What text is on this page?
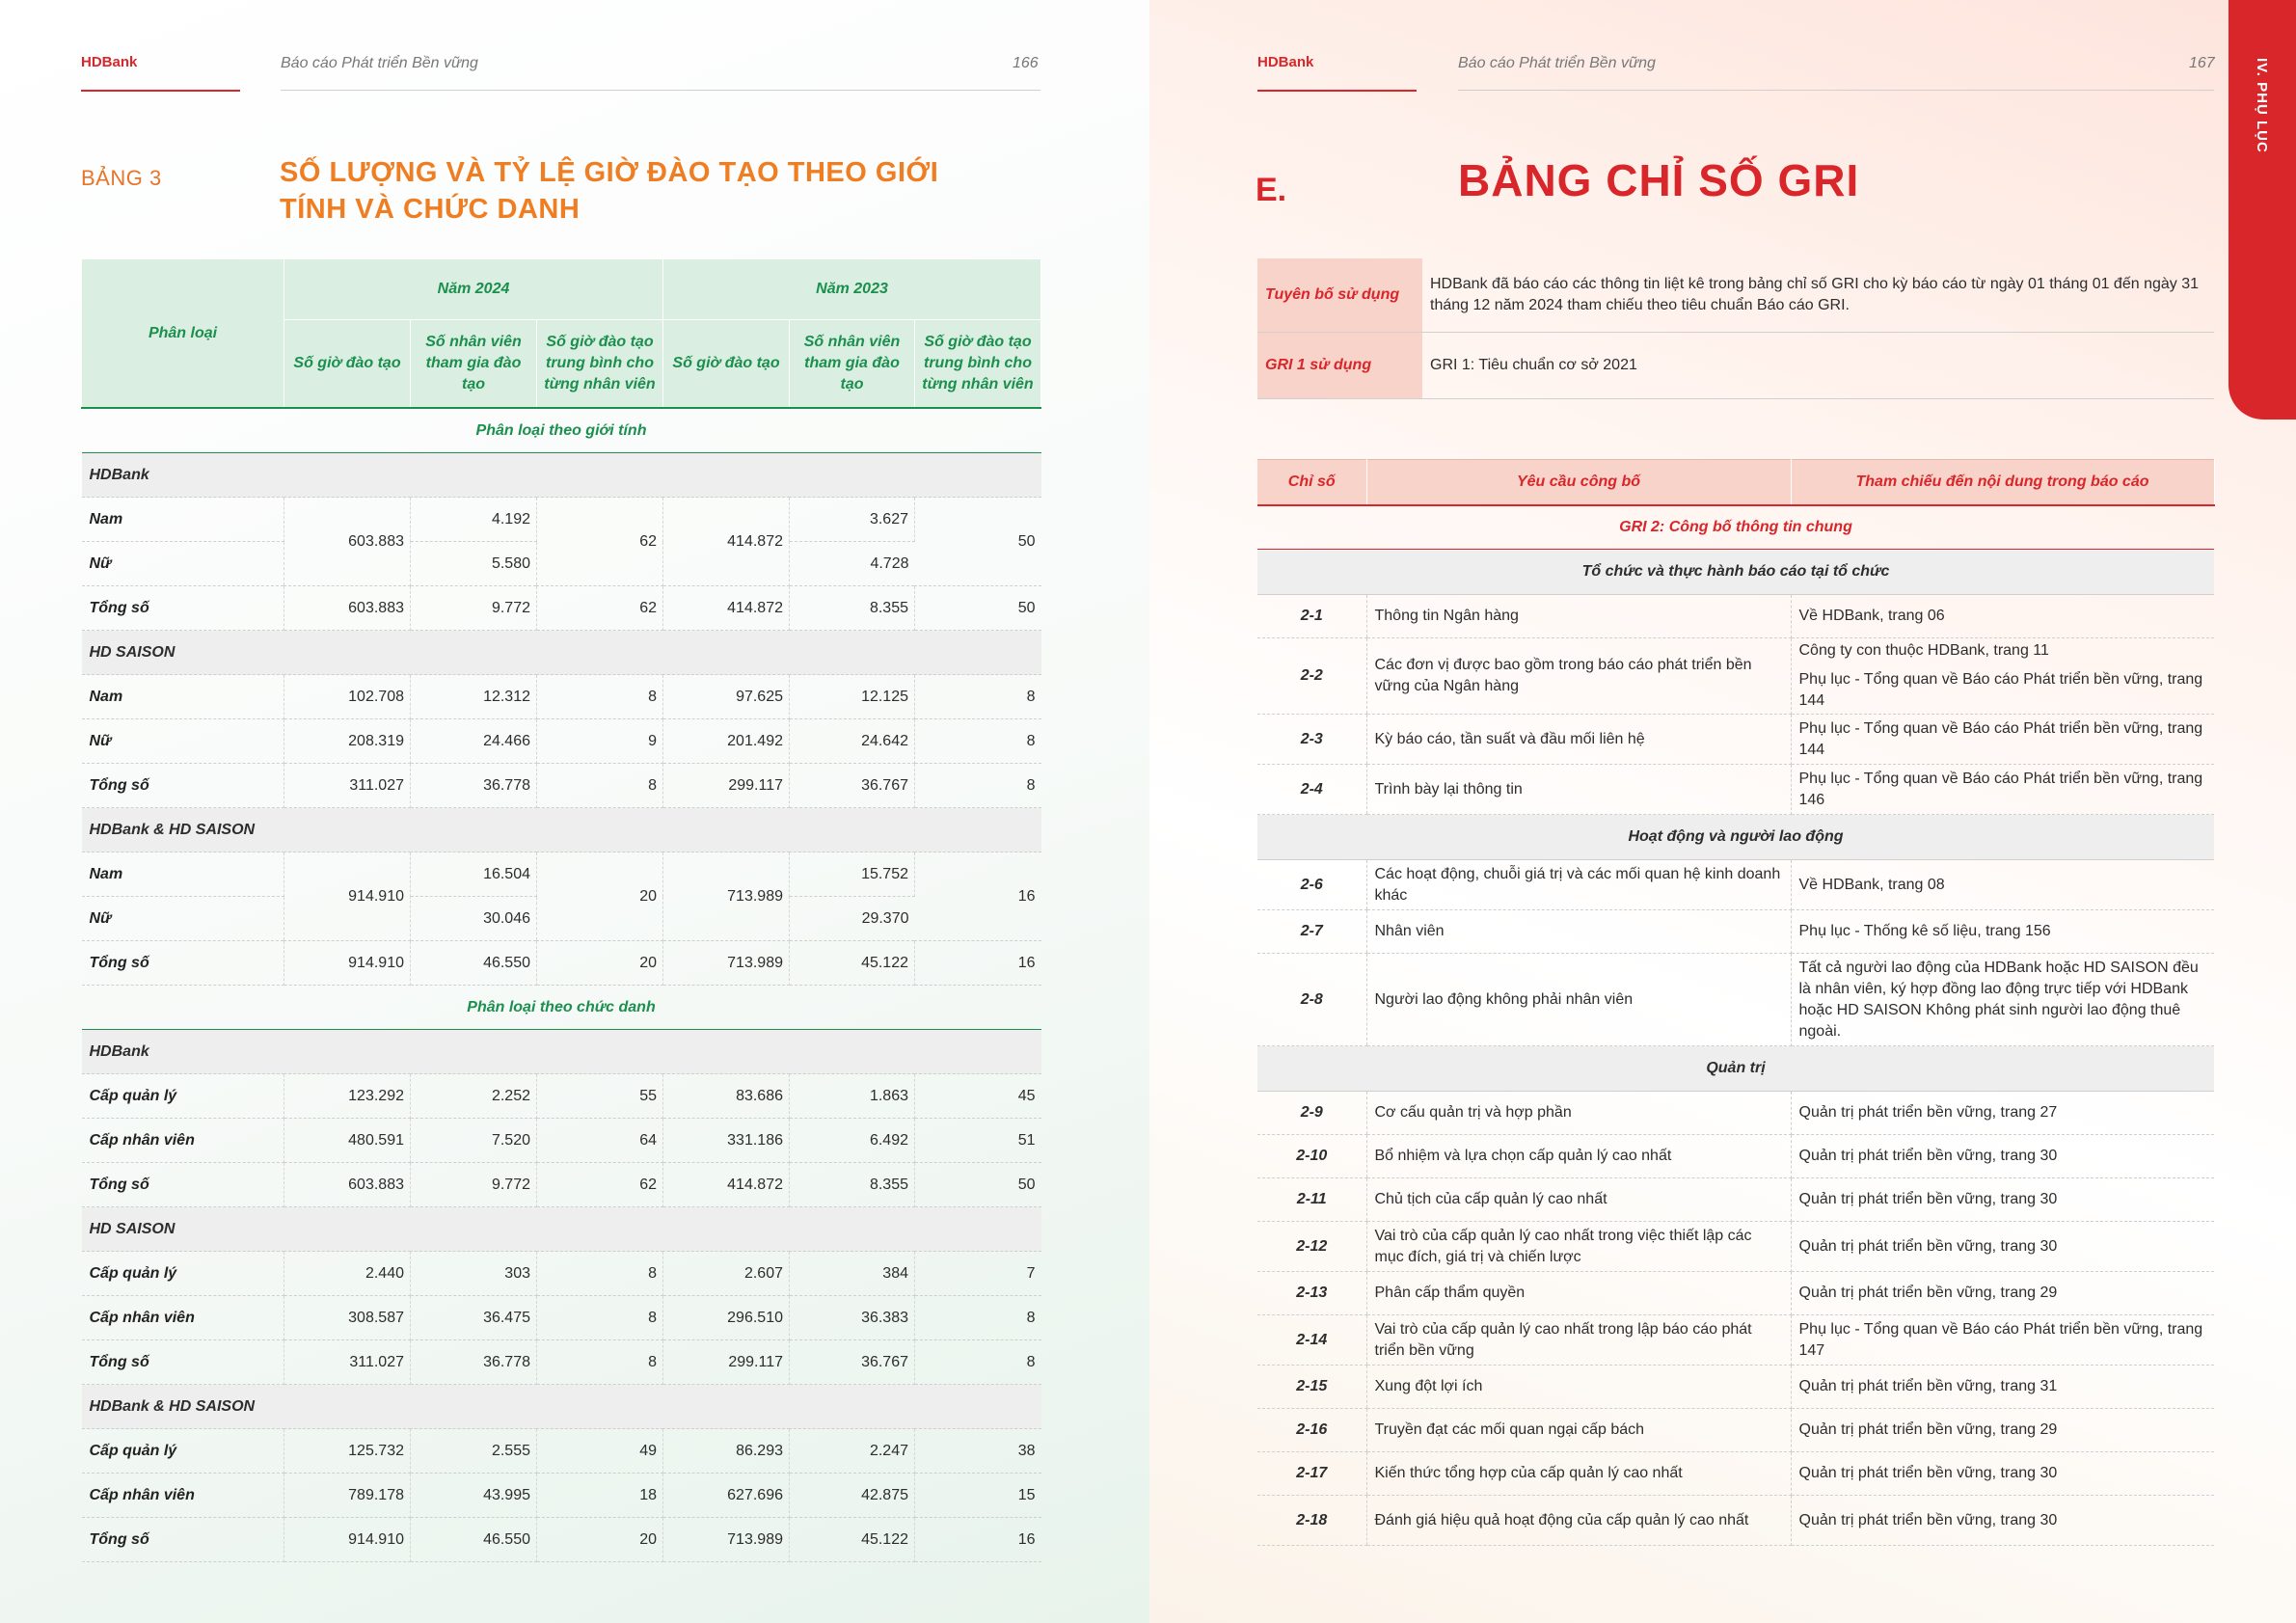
HDBank	Báo cáo Phát triển Bền vững	166
BẢNG 3	SỐ LƯỢNG VÀ TỶ LỆ GIỜ ĐÀO TẠO THEO GIỚI TÍNH VÀ CHỨC DANH
Phân loại	Năm 2024			Năm 2023		
	Số giờ đào tạo	Số nhân viên tham gia đào tạo	Số giờ đào tạo trung bình cho từng nhân viên	Số giờ đào tạo	Số nhân viên tham gia đào tạo	Số giờ đào tạo trung bình cho từng nhân viên
Phân loại theo giới tính						
HDBank						
Nam	603.883	4.192	62	414.872	3.627	50
Nữ		5.580			4.728	
Tổng số	603.883	9.772	62	414.872	8.355	50
HD SAISON						
Nam	102.708	12.312	8	97.625	12.125	8
Nữ	208.319	24.466	9	201.492	24.642	8
Tổng số	311.027	36.778	8	299.117	36.767	8
HDBank & HD SAISON						
Nam	914.910	16.504	20	713.989	15.752	16
Nữ		30.046			29.370	
Tổng số	914.910	46.550	20	713.989	45.122	16
Phân loại theo chức danh						
HDBank						
Cấp quản lý	123.292	2.252	55	83.686	1.863	45
Cấp nhân viên	480.591	7.520	64	331.186	6.492	51
Tổng số	603.883	9.772	62	414.872	8.355	50
HD SAISON						
Cấp quản lý	2.440	303	8	2.607	384	7
Cấp nhân viên	308.587	36.475	8	296.510	36.383	8
Tổng số	311.027	36.778	8	299.117	36.767	8
HDBank & HD SAISON						
Cấp quản lý	125.732	2.555	49	86.293	2.247	38
Cấp nhân viên	789.178	43.995	18	627.696	42.875	15
Tổng số	914.910	46.550	20	713.989	45.122	16
HDBank	Báo cáo Phát triển Bền vững	167	IV. PHỤ LỤC
E.	BẢNG CHỈ SỐ GRI
Tuyên bố sử dụng	HDBank đã báo cáo các thông tin liệt kê trong bảng chỉ số GRI cho kỳ báo cáo từ ngày 01 tháng 01 đến ngày 31 tháng 12 năm 2024 tham chiếu theo tiêu chuẩn Báo cáo GRI.
GRI 1 sử dụng	GRI 1: Tiêu chuẩn cơ sở 2021
Chỉ số	Yêu cầu công bố	Tham chiếu đến nội dung trong báo cáo
GRI 2: Công bố thông tin chung		
Tổ chức và thực hành báo cáo tại tổ chức		
2-1	Thông tin Ngân hàng	Về HDBank, trang 06

2-2	Các đơn vị được bao gồm trong báo cáo phát triển bền vững của Ngân hàng	Công ty con thuộc HDBank, trang 11
Phụ lục - Tổng quan về Báo cáo Phát triển bền vững, trang 144

2-3	Kỳ báo cáo, tần suất và đầu mối liên hệ	Phụ lục - Tổng quan về Báo cáo Phát triển bền vững, trang 144

2-4	Trình bày lại thông tin	Phụ lục - Tổng quan về Báo cáo Phát triển bền vững, trang 146

Hoạt động và người lao động		
2-6	Các hoạt động, chuỗi giá trị và các mối quan hệ kinh doanh khác	Về HDBank, trang 08

2-7	Nhân viên	Phụ lục - Thống kê số liệu, trang 156

2-8	Người lao động không phải nhân viên	Tất cả người lao động của HDBank hoặc HD SAISON đều là nhân viên, ký hợp đồng lao động trực tiếp với HDBank hoặc HD SAISON Không phát sinh người lao động thuê ngoài.

Quản trị		
2-9	Cơ cấu quản trị và hợp phần	Quản trị phát triển bền vững, trang 27

2-10	Bổ nhiệm và lựa chọn cấp quản lý cao nhất	Quản trị phát triển bền vững, trang 30

2-11	Chủ tịch của cấp quản lý cao nhất	Quản trị phát triển bền vững, trang 30

2-12	Vai trò của cấp quản lý cao nhất trong việc thiết lập các mục đích, giá trị và chiến lược	Quản trị phát triển bền vững, trang 30

2-13	Phân cấp thẩm quyền	Quản trị phát triển bền vững, trang 29

2-14	Vai trò của cấp quản lý cao nhất trong lập báo cáo phát triển bền vững	Phụ lục - Tổng quan về Báo cáo Phát triển bền vững, trang 147

2-15	Xung đột lợi ích	Quản trị phát triển bền vững, trang 31

2-16	Truyền đạt các mối quan ngại cấp bách	Quản trị phát triển bền vững, trang 29

2-17	Kiến thức tổng hợp của cấp quản lý cao nhất	Quản trị phát triển bền vững, trang 30

2-18	Đánh giá hiệu quả hoạt động của cấp quản lý cao nhất	Quản trị phát triển bền vững, trang 30
